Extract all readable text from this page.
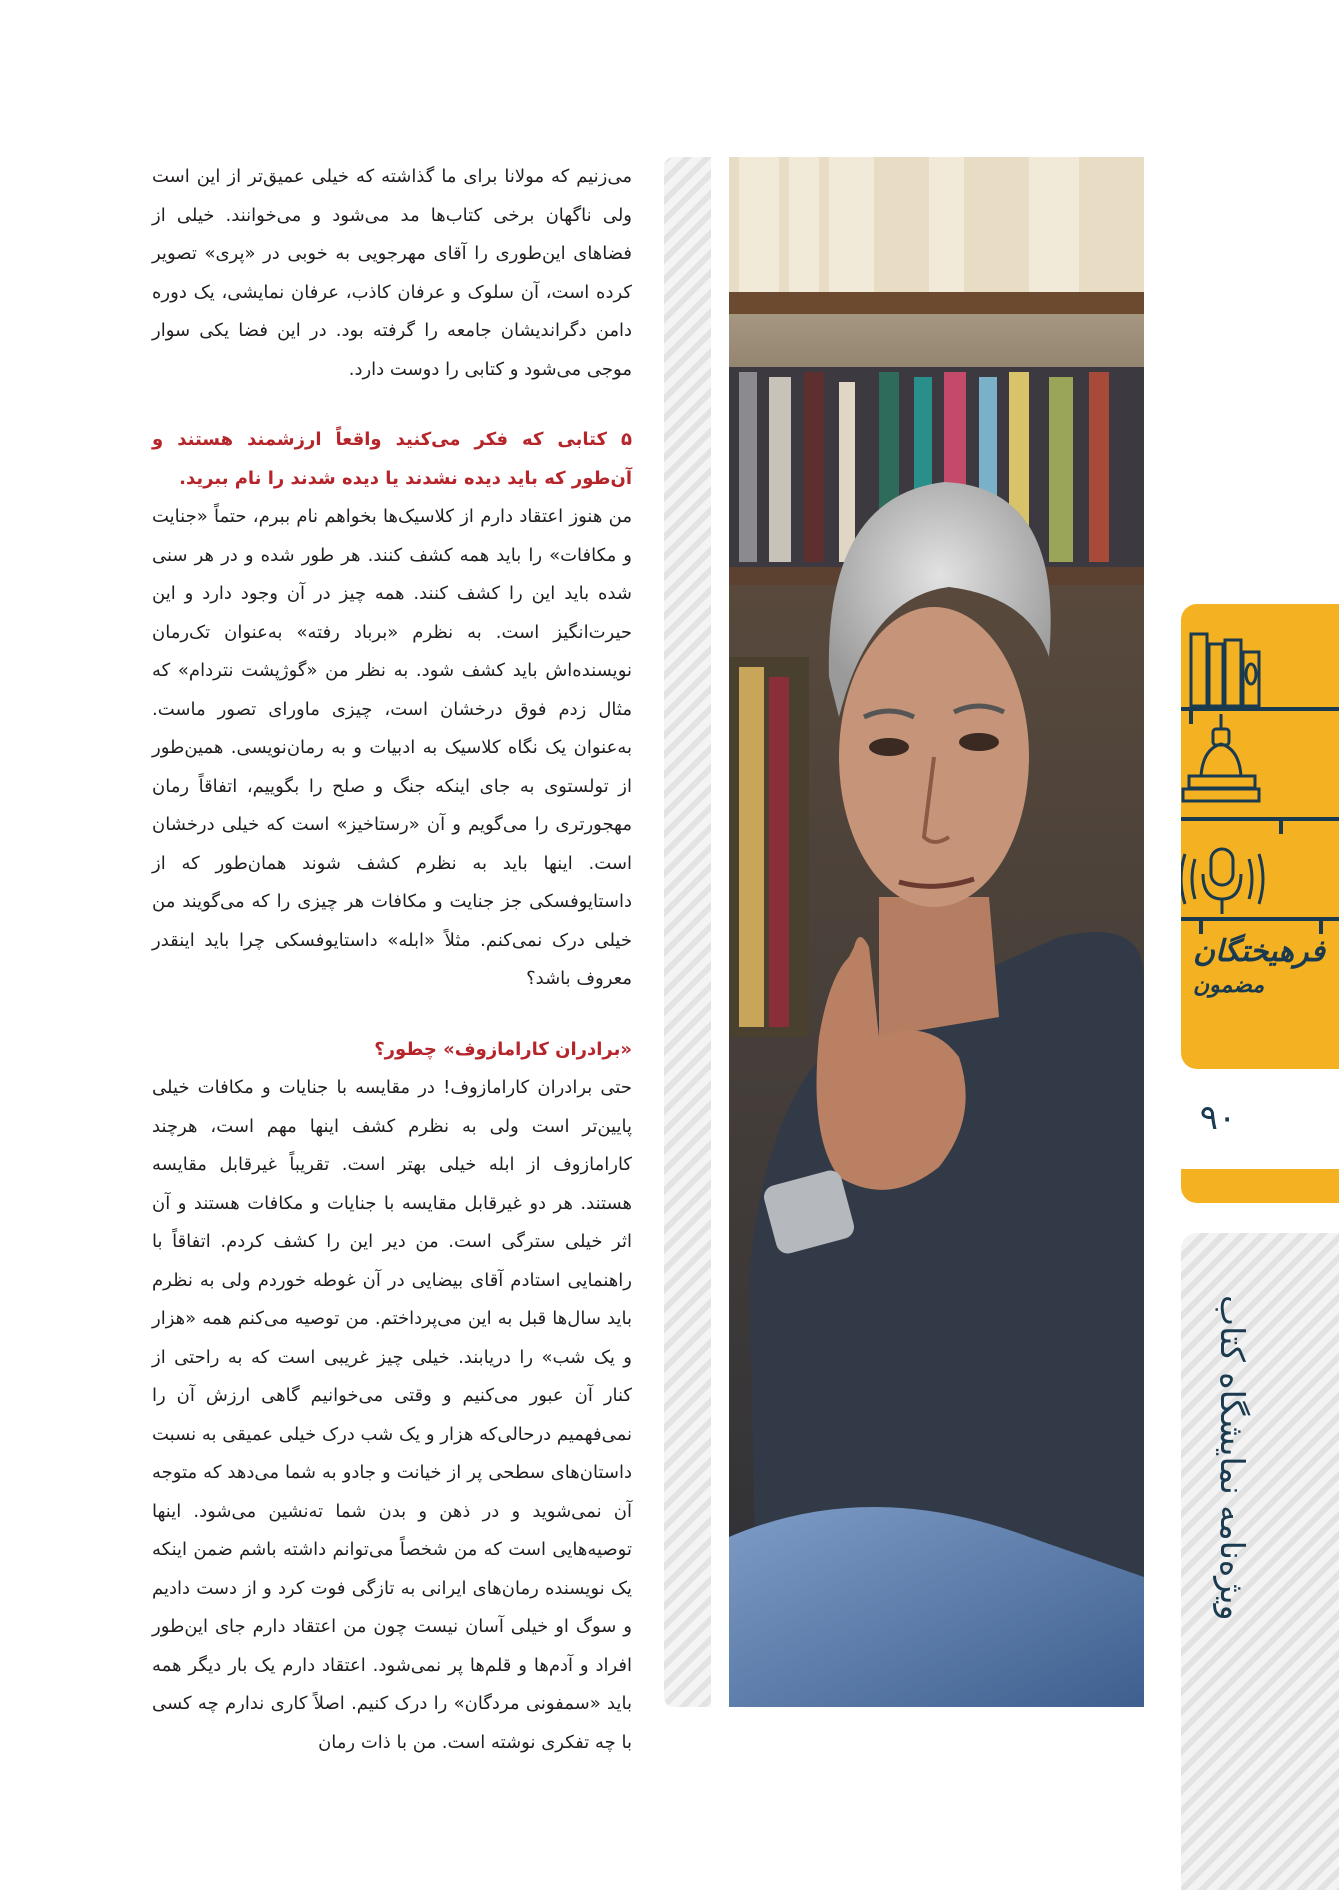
می‌زنیم که مولانا برای ما گذاشته که خیلی عمیق‌تر از این است ولی ناگهان برخی کتاب‌ها مد می‌شود و می‌خوانند. خیلی از فضاهای این‌طوری را آقای مهرجویی به خوبی در «پری» تصویر کرده است، آن سلوک و عرفان کاذب، عرفان نمایشی، یک دوره دامن دگراندیشان جامعه را گرفته بود. در این فضا یکی سوار موجی می‌شود و کتابی را دوست دارد.

۵ کتابی که فکر می‌کنید واقعاً ارزشمند هستند و آن‌طور که باید دیده نشدند یا دیده شدند را نام ببرید.

من هنوز اعتقاد دارم از کلاسیک‌ها بخواهم نام ببرم، حتماً «جنایت و مکافات» را باید همه کشف کنند. هر طور شده و در هر سنی شده باید این را کشف کنند. همه چیز در آن وجود دارد و این حیرت‌انگیز است. به نظرم «برباد رفته» به‌عنوان تک‌رمان نویسنده‌اش باید کشف شود. به نظر من «گوژپشت نتردام» که مثال زدم فوق درخشان است، چیزی ماورای تصور ماست. به‌عنوان یک نگاه کلاسیک به ادبیات و به رمان‌نویسی. همین‌طور از تولستوی به جای اینکه جنگ و صلح را بگوییم، اتفاقاً رمان مهجورتری را می‌گویم و آن «رستاخیز» است که خیلی درخشان است. اینها باید به نظرم کشف شوند همان‌طور که از داستایوفسکی جز جنایت و مکافات هر چیزی را که می‌گویند من خیلی درک نمی‌کنم. مثلاً «ابله» داستایوفسکی چرا باید اینقدر معروف باشد؟

«برادران کارامازوف» چطور؟

حتی برادران کارامازوف! در مقایسه با جنایات و مکافات خیلی پایین‌تر است ولی به نظرم کشف اینها مهم است، هرچند کارامازوف از ابله خیلی بهتر است. تقریباً غیرقابل مقایسه هستند. هر دو غیرقابل مقایسه با جنایات و مکافات هستند و آن اثر خیلی سترگی است. من دیر این را کشف کردم. اتفاقاً با راهنمایی استادم آقای بیضایی در آن غوطه خوردم ولی به نظرم باید سال‌ها قبل به این می‌پرداختم. من توصیه می‌کنم همه «هزار و یک شب» را دریابند. خیلی چیز غریبی است که به راحتی از کنار آن عبور می‌کنیم و وقتی می‌خوانیم گاهی ارزش آن را نمی‌فهمیم درحالی‌که هزار و یک شب درک خیلی عمیقی به نسبت داستان‌های سطحی پر از خیانت و جادو به شما می‌دهد که متوجه آن نمی‌شوید و در ذهن و بدن شما ته‌نشین می‌شود. اینها توصیه‌هایی است که من شخصاً می‌توانم داشته باشم ضمن اینکه یک نویسنده رمان‌های ایرانی به تازگی فوت کرد و از دست دادیم و سوگ او خیلی آسان نیست چون من اعتقاد دارم جای این‌طور افراد و آدم‌ها و قلم‌ها پر نمی‌شود. اعتقاد دارم یک بار دیگر همه باید «سمفونی مردگان» را درک کنیم. اصلاً کاری ندارم چه کسی با چه تفکری نوشته است. من با ذات رمان

فرهیختگان
مضمون
۹۰
ویژه‌نامه نمایشگاه کتاب
